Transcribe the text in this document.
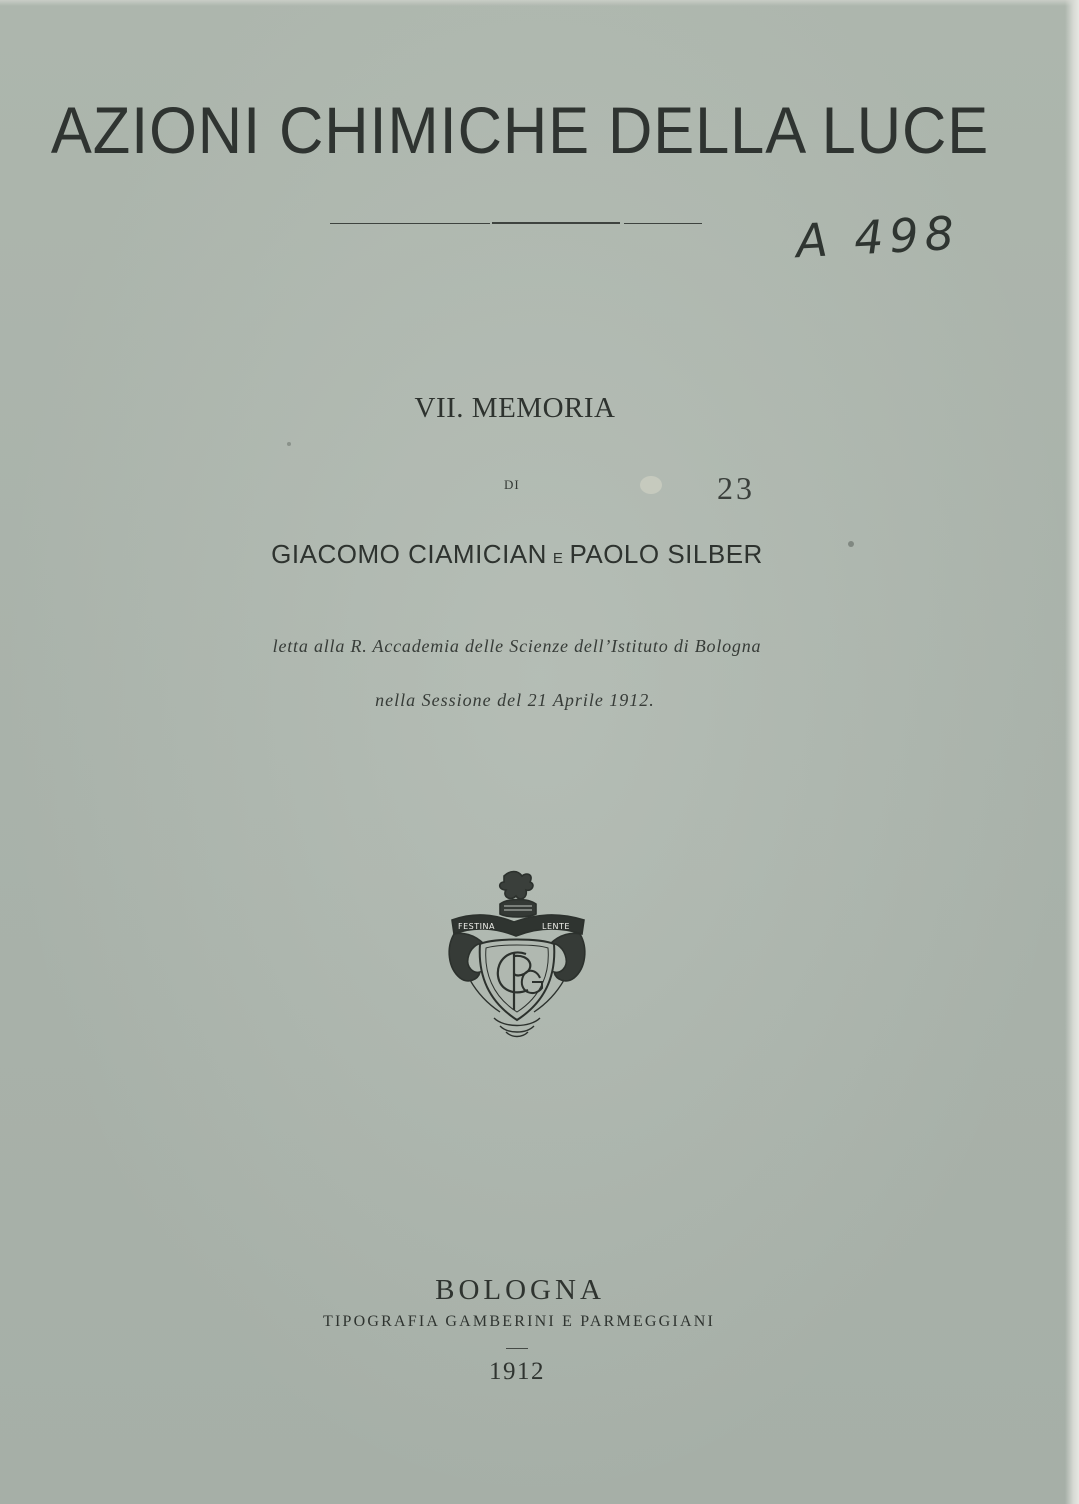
AZIONI CHIMICHE DELLA LUCE
A 498
VII. MEMORIA
DI	23
GIACOMO CIAMICIAN E PAOLO SILBER
letta alla R. Accademia delle Scienze dell’Istituto di Bologna
nella Sessione del 21 Aprile 1912.
FESTINA	LENTE
BOLOGNA
TIPOGRAFIA GAMBERINI E PARMEGGIANI
1912
